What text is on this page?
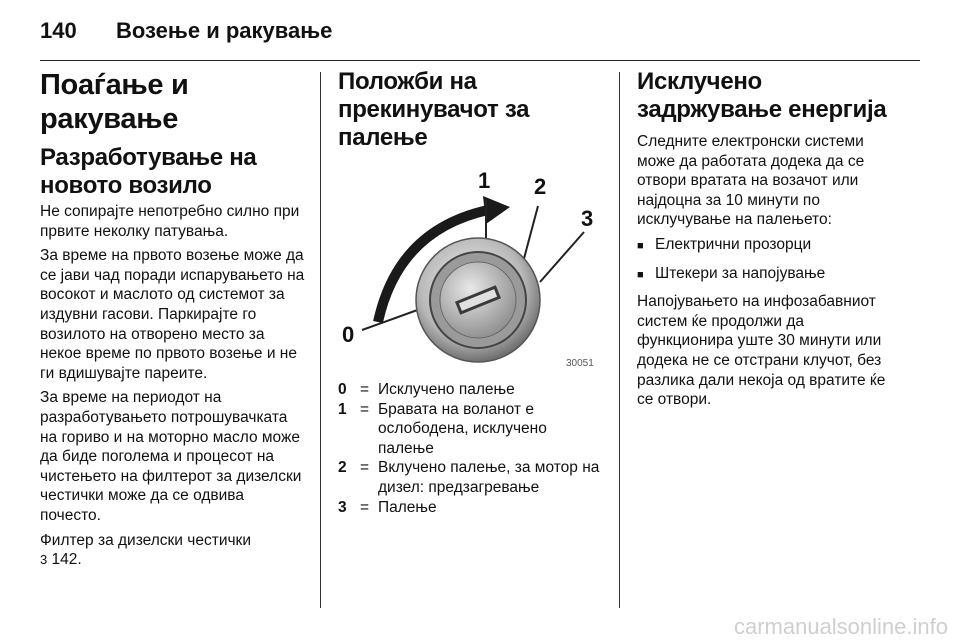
140 Возење и ракување
Поаѓање и ракување
Разработување на новото возило

Не сопирајте непотребно силно при првите неколку патувања.

За време на првото возење може да се јави чад поради испарувањето на восокот и маслото од системот за издувни гасови. Паркирајте го возилото на отворено место за некое време по првото возење и не ги вдишувајте пареите.

За време на периодот на разработувањето потрошувачката на гориво и на моторно масло може да биде поголема и процесот на чистењето на филтерот за дизелски честички може да се одвива почесто.

Филтер за дизелски честички
3 142.

Положби на прекинувачот за палење
1 2
3
0
30051
0 = Исклучено палење
1 = Бравата на воланот е ослободена, исклучено палење
2 = Вклучено палење, за мотор на дизел: предзагревање
3 = Палење
Исклучено задржување енергија

Следните електронски системи може да работата додека да се отвори вратата на возачот или најдоцна за 10 минути по исклучување на палењето:

■ Електрични прозорци
■ Штекери за напојување

Напојувањето на инфозабавниот систем ќе продолжи да функционира уште 30 минути или додека не се отстрани клучот, без разлика дали некоја од вратите ќе се отвори.

carmanualsonline.info
